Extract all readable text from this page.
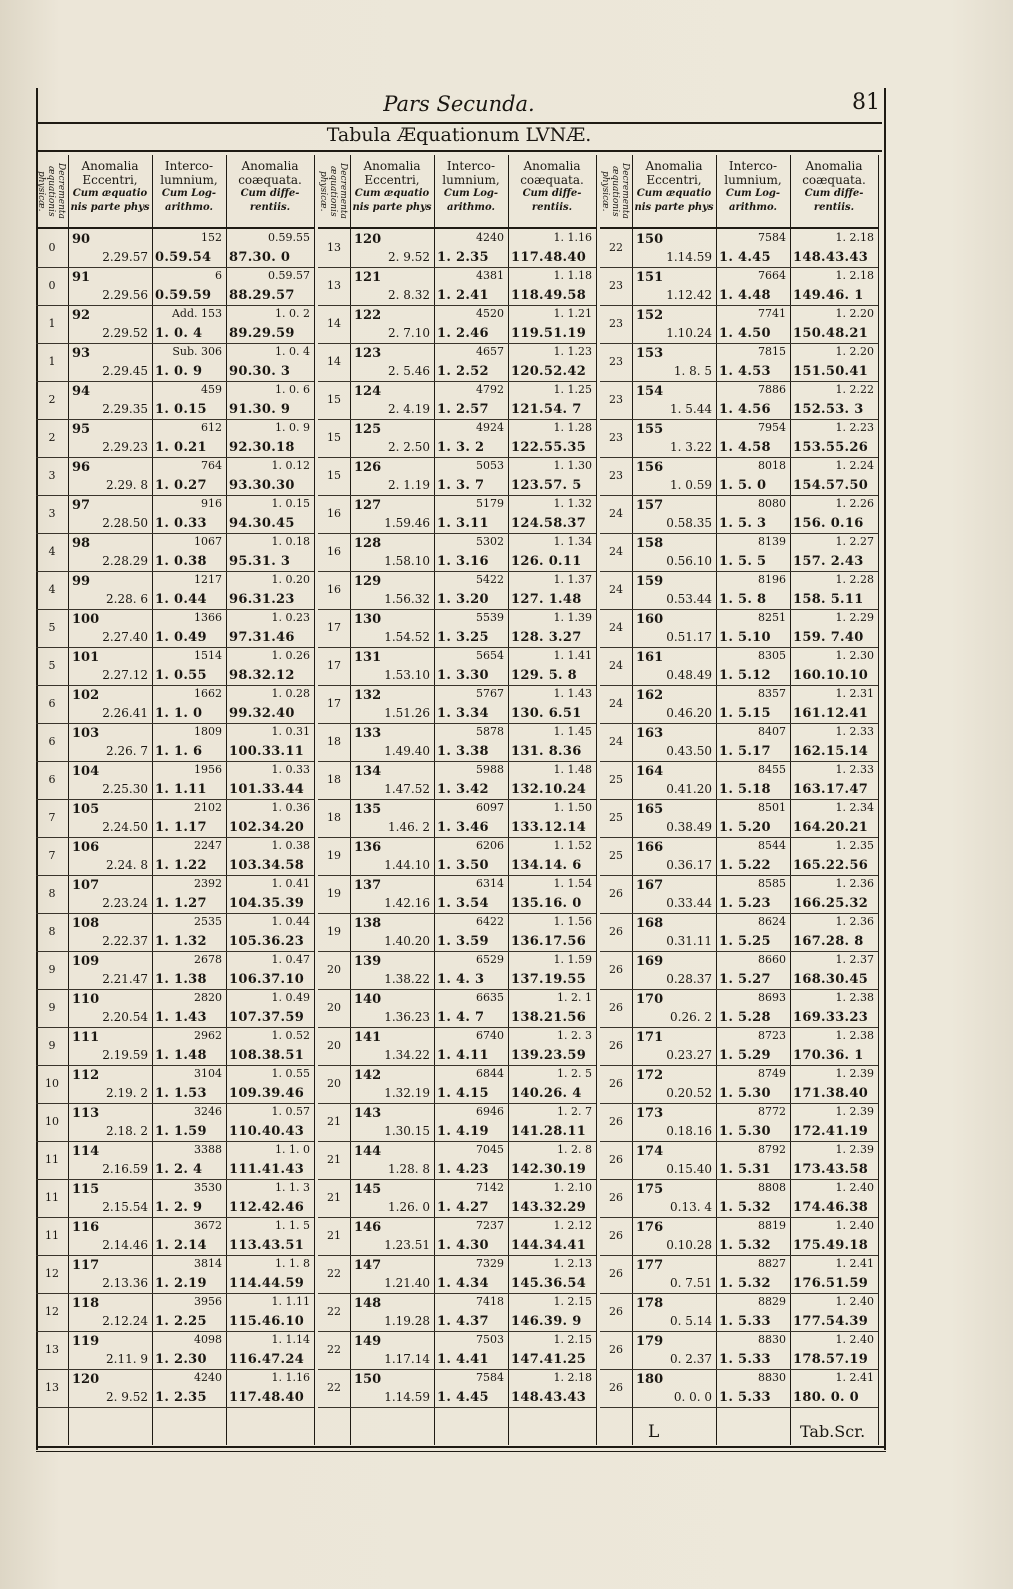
Pars Secunda.	81
Tabula Æquationum LVNÆ.
Decrementa æquationis physicæ.
Anomalia Eccentri,
Cum æquatio nis parte phys
Interco- lumnium,
Cum Log- arithmo.
Anomalia coæquata.
Cum diffe- rentiis.
0
90
2.29.57
152
0.59.54
0.59.55
87.30. 0
0
91
2.29.56
6
0.59.59
0.59.57
88.29.57
1
92
2.29.52
Add. 153
1. 0. 4
1. 0. 2
89.29.59
1
93
2.29.45
Sub. 306
1. 0. 9
1. 0. 4
90.30. 3
2
94
2.29.35
459
1. 0.15
1. 0. 6
91.30. 9
2
95
2.29.23
612
1. 0.21
1. 0. 9
92.30.18
3
96
2.29. 8
764
1. 0.27
1. 0.12
93.30.30
3
97
2.28.50
916
1. 0.33
1. 0.15
94.30.45
4
98
2.28.29
1067
1. 0.38
1. 0.18
95.31. 3
4
99
2.28. 6
1217
1. 0.44
1. 0.20
96.31.23
5
100
2.27.40
1366
1. 0.49
1. 0.23
97.31.46
5
101
2.27.12
1514
1. 0.55
1. 0.26
98.32.12
6
102
2.26.41
1662
1. 1. 0
1. 0.28
99.32.40
6
103
2.26. 7
1809
1. 1. 6
1. 0.31
100.33.11
6
104
2.25.30
1956
1. 1.11
1. 0.33
101.33.44
7
105
2.24.50
2102
1. 1.17
1. 0.36
102.34.20
7
106
2.24. 8
2247
1. 1.22
1. 0.38
103.34.58
8
107
2.23.24
2392
1. 1.27
1. 0.41
104.35.39
8
108
2.22.37
2535
1. 1.32
1. 0.44
105.36.23
9
109
2.21.47
2678
1. 1.38
1. 0.47
106.37.10
9
110
2.20.54
2820
1. 1.43
1. 0.49
107.37.59
9
111
2.19.59
2962
1. 1.48
1. 0.52
108.38.51
10
112
2.19. 2
3104
1. 1.53
1. 0.55
109.39.46
10
113
2.18. 2
3246
1. 1.59
1. 0.57
110.40.43
11
114
2.16.59
3388
1. 2. 4
1. 1. 0
111.41.43
11
115
2.15.54
3530
1. 2. 9
1. 1. 3
112.42.46
11
116
2.14.46
3672
1. 2.14
1. 1. 5
113.43.51
12
117
2.13.36
3814
1. 2.19
1. 1. 8
114.44.59
12
118
2.12.24
3956
1. 2.25
1. 1.11
115.46.10
13
119
2.11. 9
4098
1. 2.30
1. 1.14
116.47.24
13
120
2. 9.52
4240
1. 2.35
1. 1.16
117.48.40
Decrementa æquationis physicæ.
Anomalia Eccentri,
Cum æquatio nis parte phys
Interco- lumnium,
Cum Log- arithmo.
Anomalia coæquata.
Cum diffe- rentiis.
13
120
2. 9.52
4240
1. 2.35
1. 1.16
117.48.40
13
121
2. 8.32
4381
1. 2.41
1. 1.18
118.49.58
14
122
2. 7.10
4520
1. 2.46
1. 1.21
119.51.19
14
123
2. 5.46
4657
1. 2.52
1. 1.23
120.52.42
15
124
2. 4.19
4792
1. 2.57
1. 1.25
121.54. 7
15
125
2. 2.50
4924
1. 3. 2
1. 1.28
122.55.35
15
126
2. 1.19
5053
1. 3. 7
1. 1.30
123.57. 5
16
127
1.59.46
5179
1. 3.11
1. 1.32
124.58.37
16
128
1.58.10
5302
1. 3.16
1. 1.34
126. 0.11
16
129
1.56.32
5422
1. 3.20
1. 1.37
127. 1.48
17
130
1.54.52
5539
1. 3.25
1. 1.39
128. 3.27
17
131
1.53.10
5654
1. 3.30
1. 1.41
129. 5. 8
17
132
1.51.26
5767
1. 3.34
1. 1.43
130. 6.51
18
133
1.49.40
5878
1. 3.38
1. 1.45
131. 8.36
18
134
1.47.52
5988
1. 3.42
1. 1.48
132.10.24
18
135
1.46. 2
6097
1. 3.46
1. 1.50
133.12.14
19
136
1.44.10
6206
1. 3.50
1. 1.52
134.14. 6
19
137
1.42.16
6314
1. 3.54
1. 1.54
135.16. 0
19
138
1.40.20
6422
1. 3.59
1. 1.56
136.17.56
20
139
1.38.22
6529
1. 4. 3
1. 1.59
137.19.55
20
140
1.36.23
6635
1. 4. 7
1. 2. 1
138.21.56
20
141
1.34.22
6740
1. 4.11
1. 2. 3
139.23.59
20
142
1.32.19
6844
1. 4.15
1. 2. 5
140.26. 4
21
143
1.30.15
6946
1. 4.19
1. 2. 7
141.28.11
21
144
1.28. 8
7045
1. 4.23
1. 2. 8
142.30.19
21
145
1.26. 0
7142
1. 4.27
1. 2.10
143.32.29
21
146
1.23.51
7237
1. 4.30
1. 2.12
144.34.41
22
147
1.21.40
7329
1. 4.34
1. 2.13
145.36.54
22
148
1.19.28
7418
1. 4.37
1. 2.15
146.39. 9
22
149
1.17.14
7503
1. 4.41
1. 2.15
147.41.25
22
150
1.14.59
7584
1. 4.45
1. 2.18
148.43.43
Decrementa æquationis physicæ.
Anomalia Eccentri,
Cum æquatio nis parte phys
Interco- lumnium,
Cum Log- arithmo.
Anomalia coæquata.
Cum diffe- rentiis.
22
150
1.14.59
7584
1. 4.45
1. 2.18
148.43.43
23
151
1.12.42
7664
1. 4.48
1. 2.18
149.46. 1
23
152
1.10.24
7741
1. 4.50
1. 2.20
150.48.21
23
153
1. 8. 5
7815
1. 4.53
1. 2.20
151.50.41
23
154
1. 5.44
7886
1. 4.56
1. 2.22
152.53. 3
23
155
1. 3.22
7954
1. 4.58
1. 2.23
153.55.26
23
156
1. 0.59
8018
1. 5. 0
1. 2.24
154.57.50
24
157
0.58.35
8080
1. 5. 3
1. 2.26
156. 0.16
24
158
0.56.10
8139
1. 5. 5
1. 2.27
157. 2.43
24
159
0.53.44
8196
1. 5. 8
1. 2.28
158. 5.11
24
160
0.51.17
8251
1. 5.10
1. 2.29
159. 7.40
24
161
0.48.49
8305
1. 5.12
1. 2.30
160.10.10
24
162
0.46.20
8357
1. 5.15
1. 2.31
161.12.41
24
163
0.43.50
8407
1. 5.17
1. 2.33
162.15.14
25
164
0.41.20
8455
1. 5.18
1. 2.33
163.17.47
25
165
0.38.49
8501
1. 5.20
1. 2.34
164.20.21
25
166
0.36.17
8544
1. 5.22
1. 2.35
165.22.56
26
167
0.33.44
8585
1. 5.23
1. 2.36
166.25.32
26
168
0.31.11
8624
1. 5.25
1. 2.36
167.28. 8
26
169
0.28.37
8660
1. 5.27
1. 2.37
168.30.45
26
170
0.26. 2
8693
1. 5.28
1. 2.38
169.33.23
26
171
0.23.27
8723
1. 5.29
1. 2.38
170.36. 1
26
172
0.20.52
8749
1. 5.30
1. 2.39
171.38.40
26
173
0.18.16
8772
1. 5.30
1. 2.39
172.41.19
26
174
0.15.40
8792
1. 5.31
1. 2.39
173.43.58
26
175
0.13. 4
8808
1. 5.32
1. 2.40
174.46.38
26
176
0.10.28
8819
1. 5.32
1. 2.40
175.49.18
26
177
0. 7.51
8827
1. 5.32
1. 2.41
176.51.59
26
178
0. 5.14
8829
1. 5.33
1. 2.40
177.54.39
26
179
0. 2.37
8830
1. 5.33
1. 2.40
178.57.19
26
180
0. 0. 0
8830
1. 5.33
1. 2.41
180. 0. 0
L	Tab.Scr.
